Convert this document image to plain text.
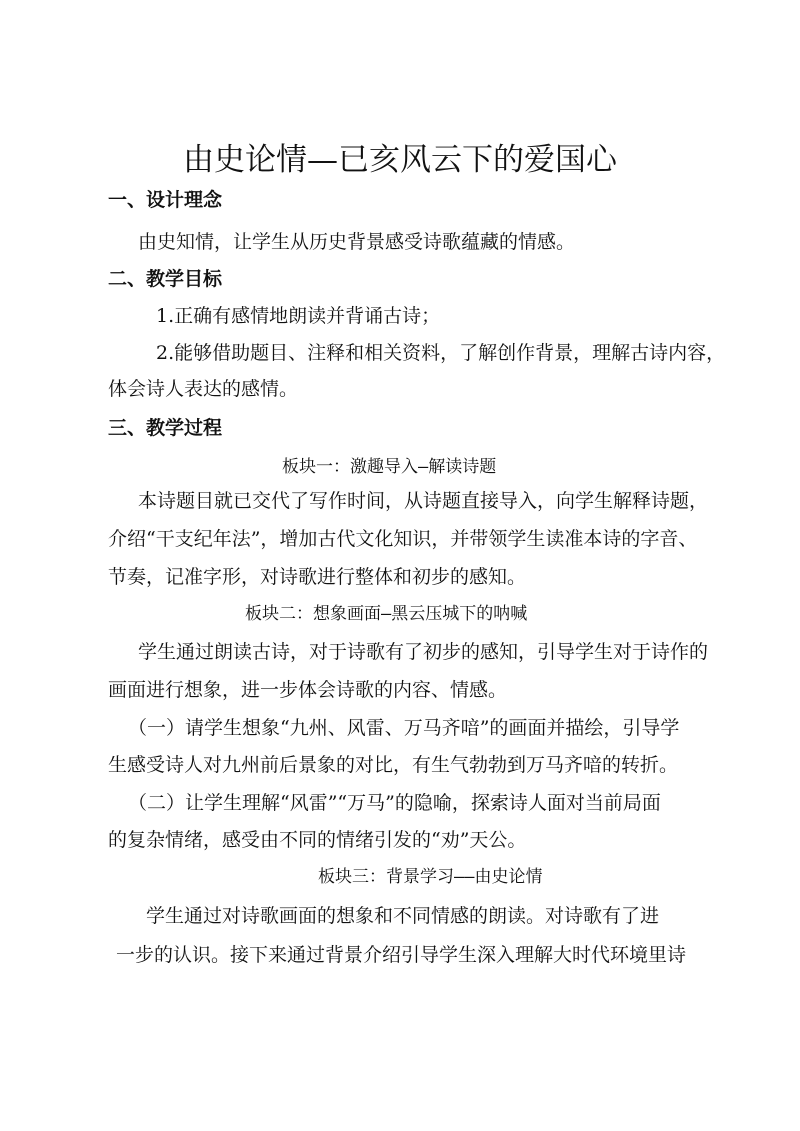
由史论情—已亥风云下的爱国心
一、设计理念
由史知情，让学生从历史背景感受诗歌蕴藏的情感。
二、教学目标
1.正确有感情地朗读并背诵古诗；
2.能够借助题目、注释和相关资料，了解创作背景，理解古诗内容，
体会诗人表达的感情。
三、教学过程
板块一：激趣导入—解读诗题
本诗题目就已交代了写作时间，从诗题直接导入，向学生解释诗题，
介绍“干支纪年法”，增加古代文化知识，并带领学生读准本诗的字音、
节奏，记准字形，对诗歌进行整体和初步的感知。
板块二：想象画面—黑云压城下的呐喊
学生通过朗读古诗，对于诗歌有了初步的感知，引导学生对于诗作的
画面进行想象，进一步体会诗歌的内容、情感。
（一）请学生想象“九州、风雷、万马齐喑”的画面并描绘，引导学
生感受诗人对九州前后景象的对比，有生气勃勃到万马齐喑的转折。
（二）让学生理解“风雷”“万马”的隐喻，探索诗人面对当前局面
的复杂情绪，感受由不同的情绪引发的“劝”天公。
板块三：背景学习——由史论情
学生通过对诗歌画面的想象和不同情感的朗读。对诗歌有了进
一步的认识。接下来通过背景介绍引导学生深入理解大时代环境里诗
